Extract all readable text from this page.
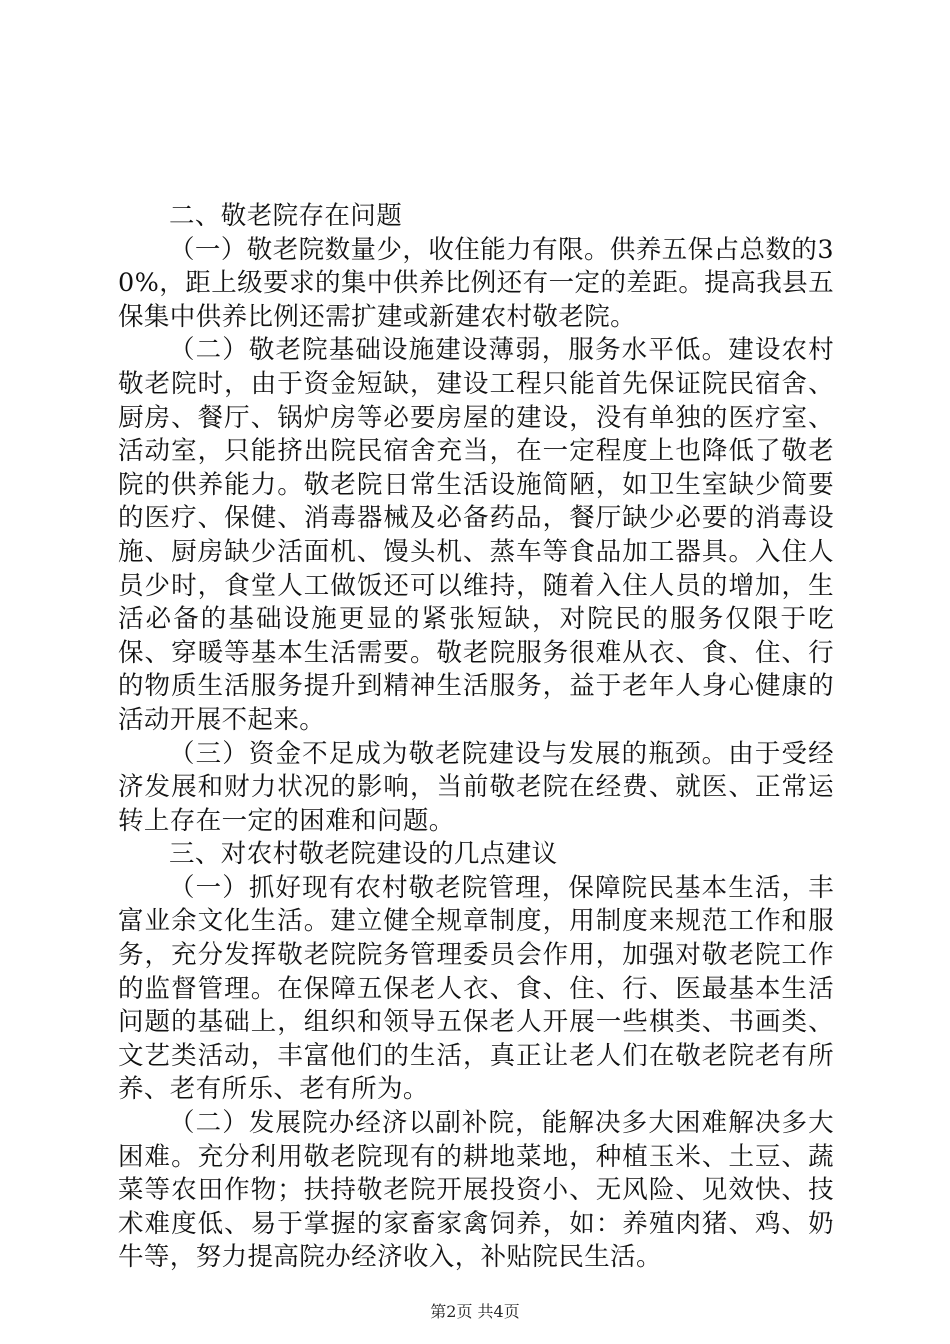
二、敬老院存在问题

（一）敬老院数量少，收住能力有限。供养五保占总数的30%，距上级要求的集中供养比例还有一定的差距。提高我县五保集中供养比例还需扩建或新建农村敬老院。

（二）敬老院基础设施建设薄弱，服务水平低。建设农村敬老院时，由于资金短缺，建设工程只能首先保证院民宿舍、厨房、餐厅、锅炉房等必要房屋的建设，没有单独的医疗室、活动室，只能挤出院民宿舍充当，在一定程度上也降低了敬老院的供养能力。敬老院日常生活设施简陋，如卫生室缺少简要的医疗、保健、消毒器械及必备药品，餐厅缺少必要的消毒设施、厨房缺少活面机、馒头机、蒸车等食品加工器具。入住人员少时，食堂人工做饭还可以维持，随着入住人员的增加，生活必备的基础设施更显的紧张短缺，对院民的服务仅限于吃保、穿暖等基本生活需要。敬老院服务很难从衣、食、住、行的物质生活服务提升到精神生活服务，益于老年人身心健康的活动开展不起来。

（三）资金不足成为敬老院建设与发展的瓶颈。由于受经济发展和财力状况的影响，当前敬老院在经费、就医、正常运转上存在一定的困难和问题。

三、对农村敬老院建设的几点建议

（一）抓好现有农村敬老院管理，保障院民基本生活，丰富业余文化生活。建立健全规章制度，用制度来规范工作和服务，充分发挥敬老院院务管理委员会作用，加强对敬老院工作的监督管理。在保障五保老人衣、食、住、行、医最基本生活问题的基础上，组织和领导五保老人开展一些棋类、书画类、文艺类活动，丰富他们的生活，真正让老人们在敬老院老有所养、老有所乐、老有所为。

（二）发展院办经济以副补院，能解决多大困难解决多大困难。充分利用敬老院现有的耕地菜地，种植玉米、土豆、蔬菜等农田作物；扶持敬老院开展投资小、无风险、见效快、技术难度低、易于掌握的家畜家禽饲养，如：养殖肉猪、鸡、奶牛等，努力提高院办经济收入，补贴院民生活。

第2页 共4页
